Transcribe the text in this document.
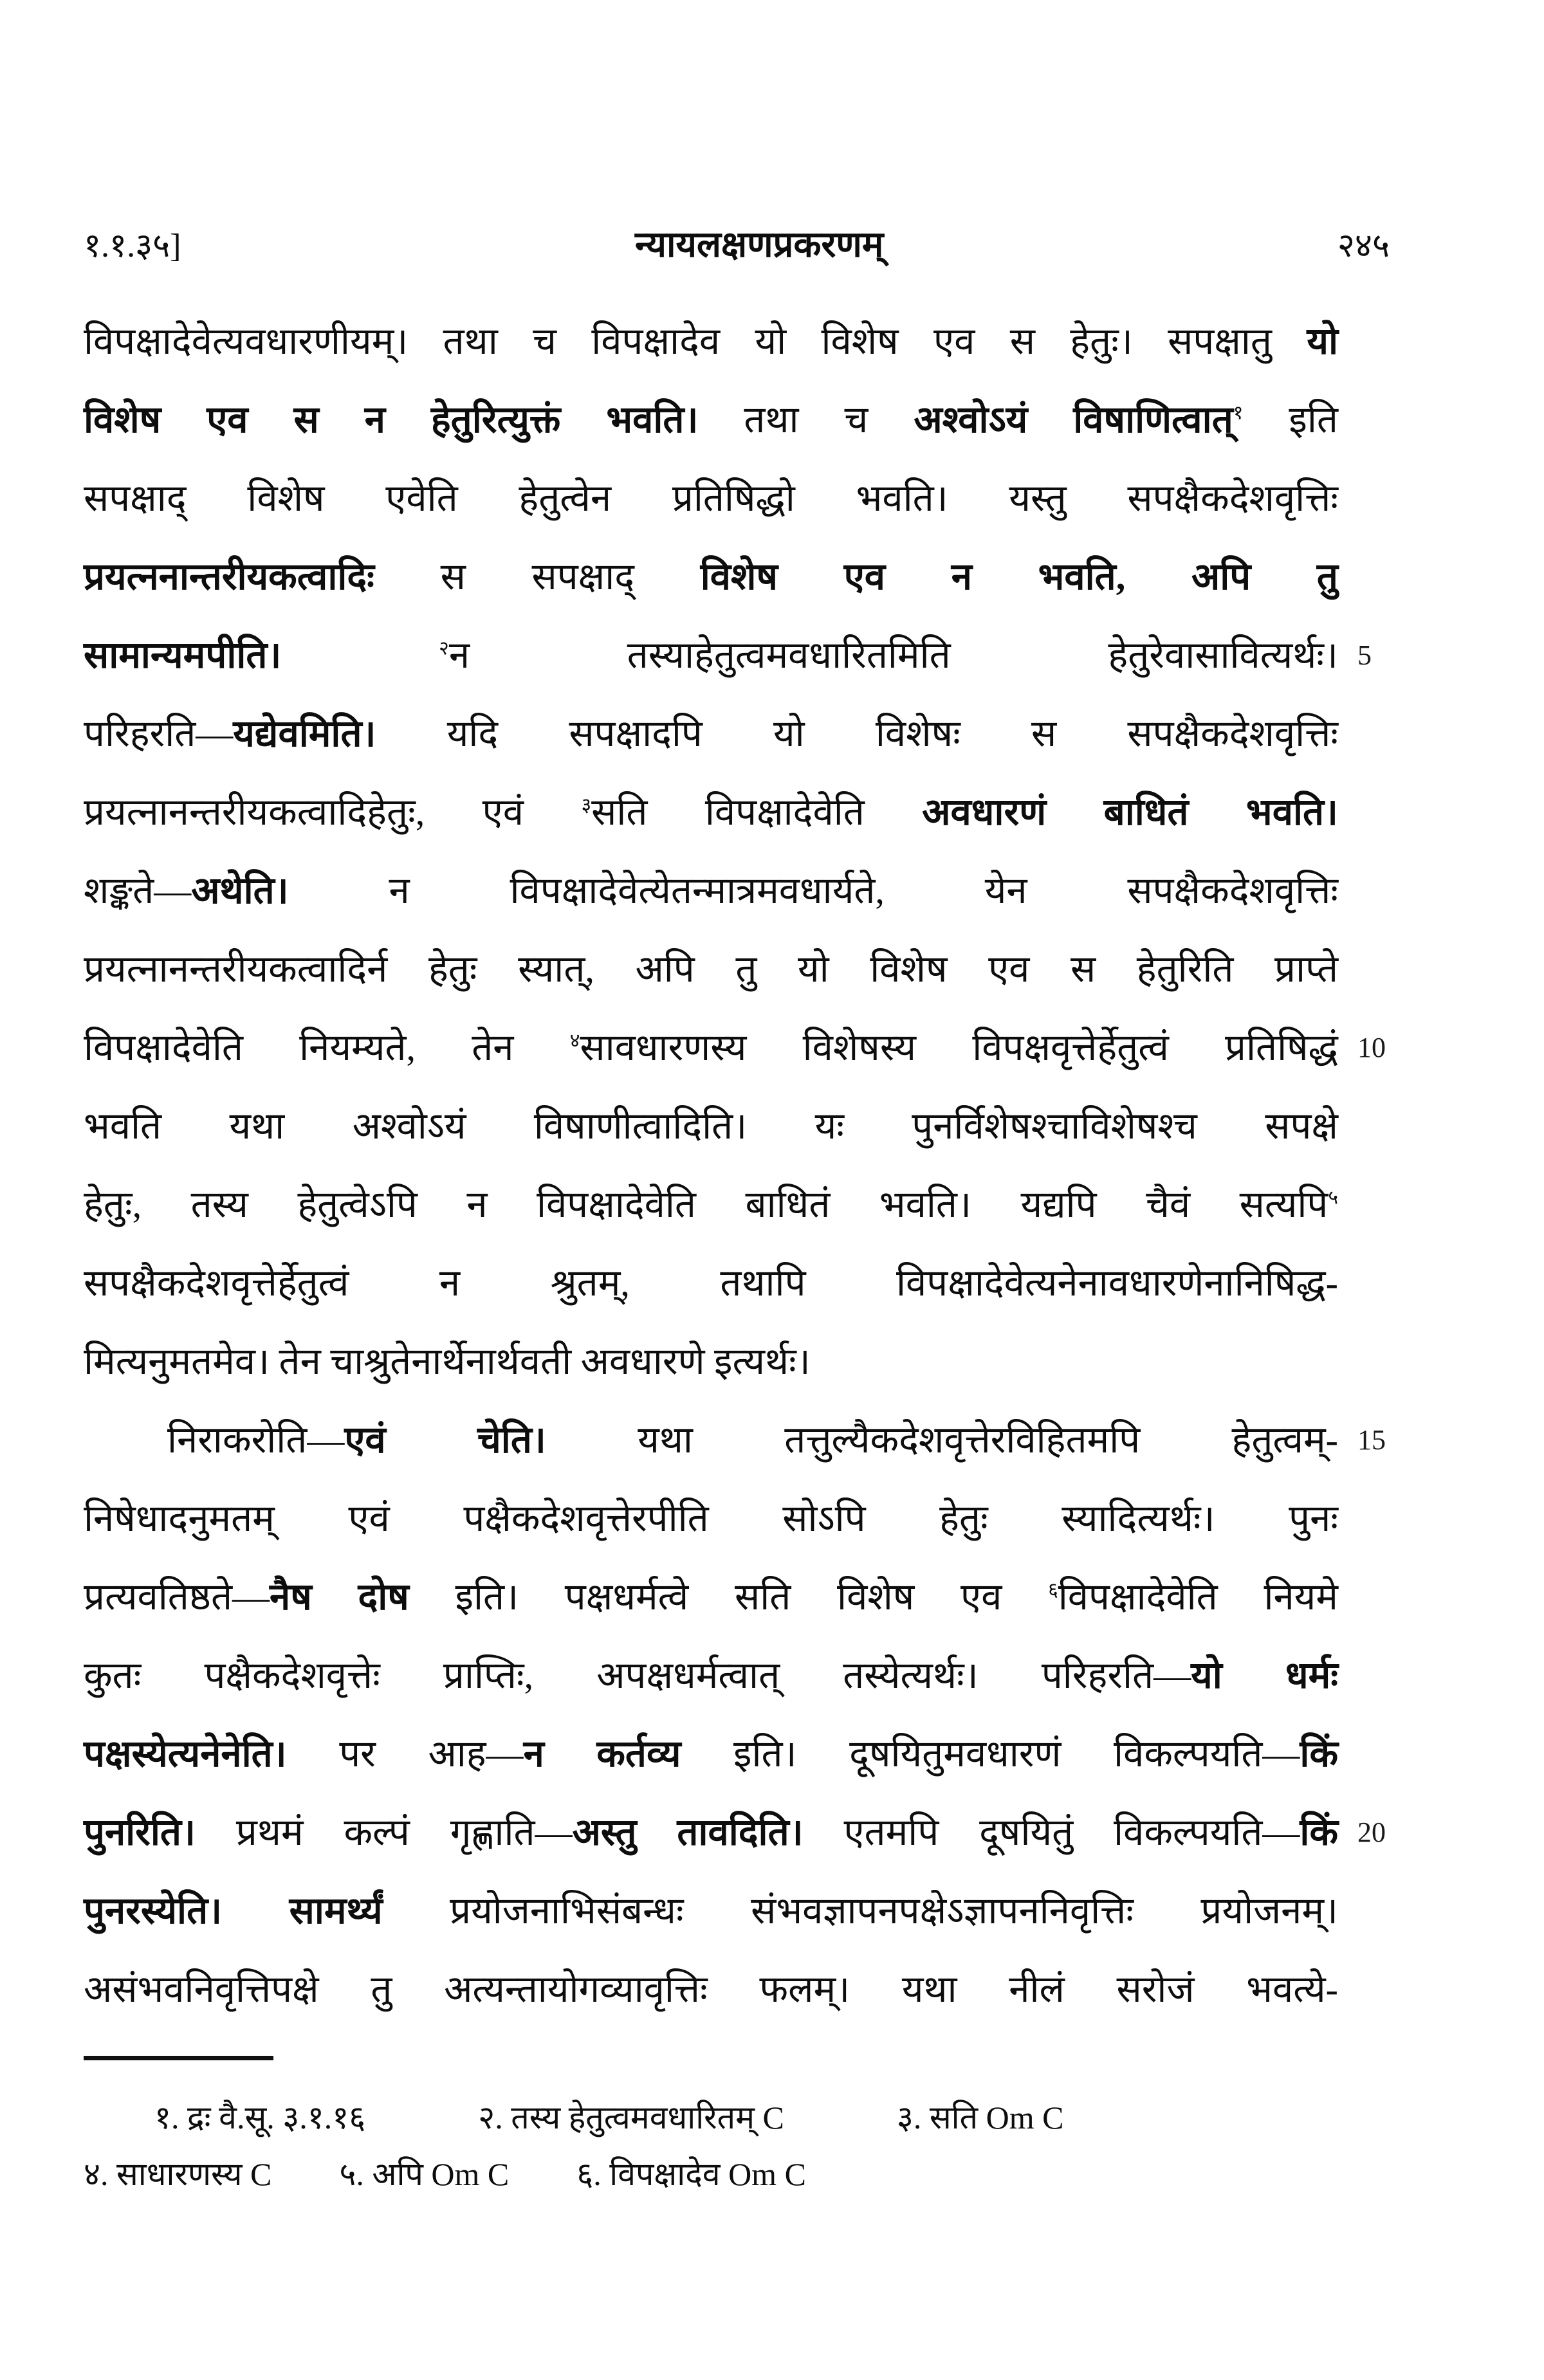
१.१.३५]	न्यायलक्षणप्रकरणम्	२४५
विपक्षादेवेत्यवधारणीयम्। तथा च विपक्षादेव यो विशेष एव स हेतुः। सपक्षातु यो
विशेष एव स न हेतुरित्युक्तं भवति। तथा च अश्वोऽयं विषाणित्वात्$^१$ इति
सपक्षाद् विशेष एवेति हेतुत्वेन प्रतिषिद्धो भवति। यस्तु सपक्षैकदेशवृत्तिः
प्रयत्ननान्तरीयकत्वादिः स सपक्षाद् विशेष एव न भवति, अपि तु
सामान्यमपीति। $^२$न तस्याहेतुत्वमवधारितमिति हेतुरेवासावित्यर्थः। 5
परिहरति—यद्येवमिति। यदि सपक्षादपि यो विशेषः स सपक्षैकदेशवृत्तिः
प्रयत्नानन्तरीयकत्वादिहेतुः, एवं $^३$सति विपक्षादेवेति अवधारणं बाधितं भवति।
शङ्कते—अथेति। न विपक्षादेवेत्येतन्मात्रमवधार्यते, येन सपक्षैकदेशवृत्तिः
प्रयत्नानन्तरीयकत्वादिर्न हेतुः स्यात्, अपि तु यो विशेष एव स हेतुरिति प्राप्ते
विपक्षादेवेति नियम्यते, तेन $^४$सावधारणस्य विशेषस्य विपक्षवृत्तेर्हेतुत्वं प्रतिषिद्धं 10
भवति यथा अश्वोऽयं विषाणीत्वादिति। यः पुनर्विशेषश्चाविशेषश्च सपक्षे
हेतुः, तस्य हेतुत्वेऽपि न विपक्षादेवेति बाधितं भवति। यद्यपि चैवं सत्यपि$^५$
सपक्षैकदेशवृत्तेर्हेतुत्वं न श्रुतम्, तथापि विपक्षादेवेत्यनेनावधारणेनानिषिद्ध-
मित्यनुमतमेव। तेन चाश्रुतेनार्थेनार्थवती अवधारणे इत्यर्थः।
निराकरोति—एवं चेति। यथा तत्तुल्यैकदेशवृत्तेरविहितमपि हेतुत्वम्- 15
निषेधादनुमतम् एवं पक्षैकदेशवृत्तेरपीति सोऽपि हेतुः स्यादित्यर्थः। पुनः
प्रत्यवतिष्ठते—नैष दोष इति। पक्षधर्मत्वे सति विशेष एव $^६$विपक्षादेवेति नियमे
कुतः पक्षैकदेशवृत्तेः प्राप्तिः, अपक्षधर्मत्वात् तस्येत्यर्थः। परिहरति—यो धर्मः
पक्षस्येत्यनेनेति। पर आह—न कर्तव्य इति। दूषयितुमवधारणं विकल्पयति—किं
पुनरिति। प्रथमं कल्पं गृह्णाति—अस्तु तावदिति। एतमपि दूषयितुं विकल्पयति—किं 20
पुनरस्येति। सामर्थ्यं प्रयोजनाभिसंबन्धः संभवज्ञापनपक्षेऽज्ञापननिवृत्तिः प्रयोजनम्।
असंभवनिवृत्तिपक्षे तु अत्यन्तायोगव्यावृत्तिः फलम्। यथा नीलं सरोजं भवत्ये-
१. द्रः वै.सू. ३.१.१६	२. तस्य हेतुत्वमवधारितम् C	३. सति Om C
४. साधारणस्य C ५. अपि Om C ६. विपक्षादेव Om C
